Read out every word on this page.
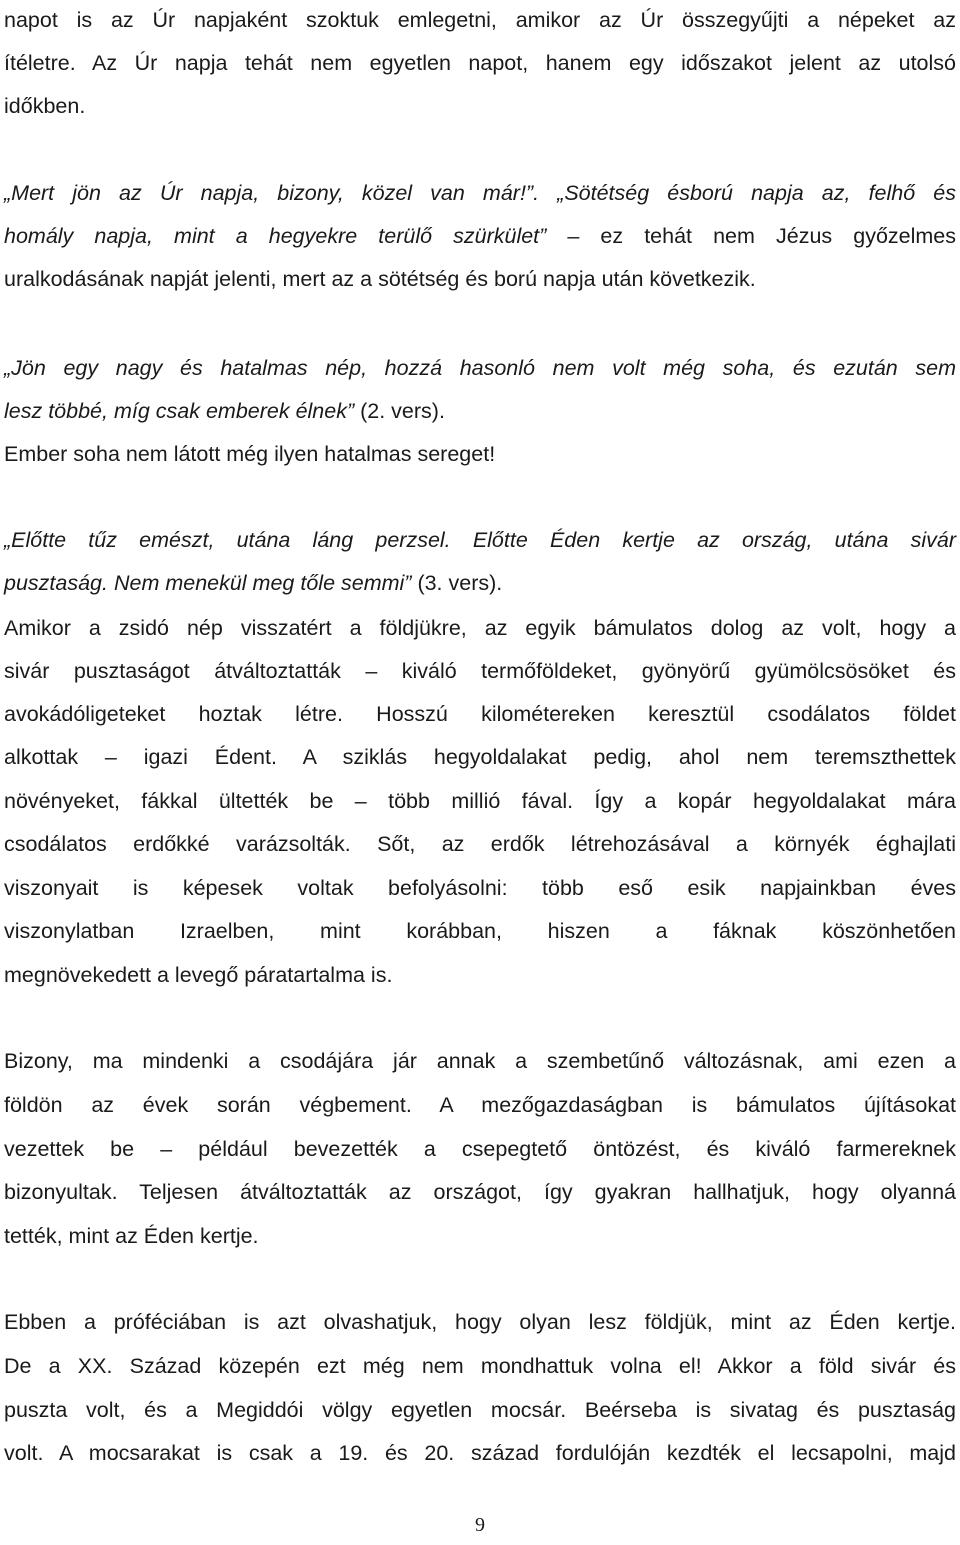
napot is az Úr napjaként szoktuk emlegetni, amikor az Úr összegyűjti a népeket az
ítéletre. Az Úr napja tehát nem egyetlen napot, hanem egy időszakot jelent az utolsó
időkben.
„Mert jön az Úr napja, bizony, közel van már!”. „Sötétség ésború napja az, felhő és
homály napja, mint a hegyekre terülő szürkület” – ez tehát nem Jézus győzelmes
uralkodásának napját jelenti, mert az a sötétség és ború napja után következik.
„Jön egy nagy és hatalmas nép, hozzá hasonló nem volt még soha, és ezután sem
lesz többé, míg csak emberek élnek” (2. vers).
Ember soha nem látott még ilyen hatalmas sereget!
„Előtte tűz emészt, utána láng perzsel. Előtte Éden kertje az ország, utána sivár
pusztaság. Nem menekül meg tőle semmi” (3. vers).
Amikor a zsidó nép visszatért a földjükre, az egyik bámulatos dolog az volt, hogy a
sivár pusztaságot átváltoztatták – kiváló termőföldeket, gyönyörű gyümölcsösöket és
avokádóligeteket hoztak létre. Hosszú kilométereken keresztül csodálatos földet
alkottak – igazi Édent. A sziklás hegyoldalakat pedig, ahol nem teremszthettek
növényeket, fákkal ültették be – több millió fával. Így a kopár hegyoldalakat mára
csodálatos erdőkké varázsolták. Sőt, az erdők létrehozásával a környék éghajlati
viszonyait is képesek voltak befolyásolni: több eső esik napjainkban éves
viszonylatban Izraelben, mint korábban, hiszen a fáknak köszönhetően
megnövekedett a levegő páratartalma is.
Bizony, ma mindenki a csodájára jár annak a szembetűnő változásnak, ami ezen a
földön az évek során végbement. A mezőgazdaságban is bámulatos újításokat
vezettek be – például bevezették a csepegtető öntözést, és kiváló farmereknek
bizonyultak. Teljesen átváltoztatták az országot, így gyakran hallhatjuk, hogy olyanná
tették, mint az Éden kertje.
Ebben a próféciában is azt olvashatjuk, hogy olyan lesz földjük, mint az Éden kertje.
De a XX. Század közepén ezt még nem mondhattuk volna el! Akkor a föld sivár és
puszta volt, és a Megiddói völgy egyetlen mocsár. Beérseba is sivatag és pusztaság
volt. A mocsarakat is csak a 19. és 20. század fordulóján kezdték el lecsapolni, majd
9
